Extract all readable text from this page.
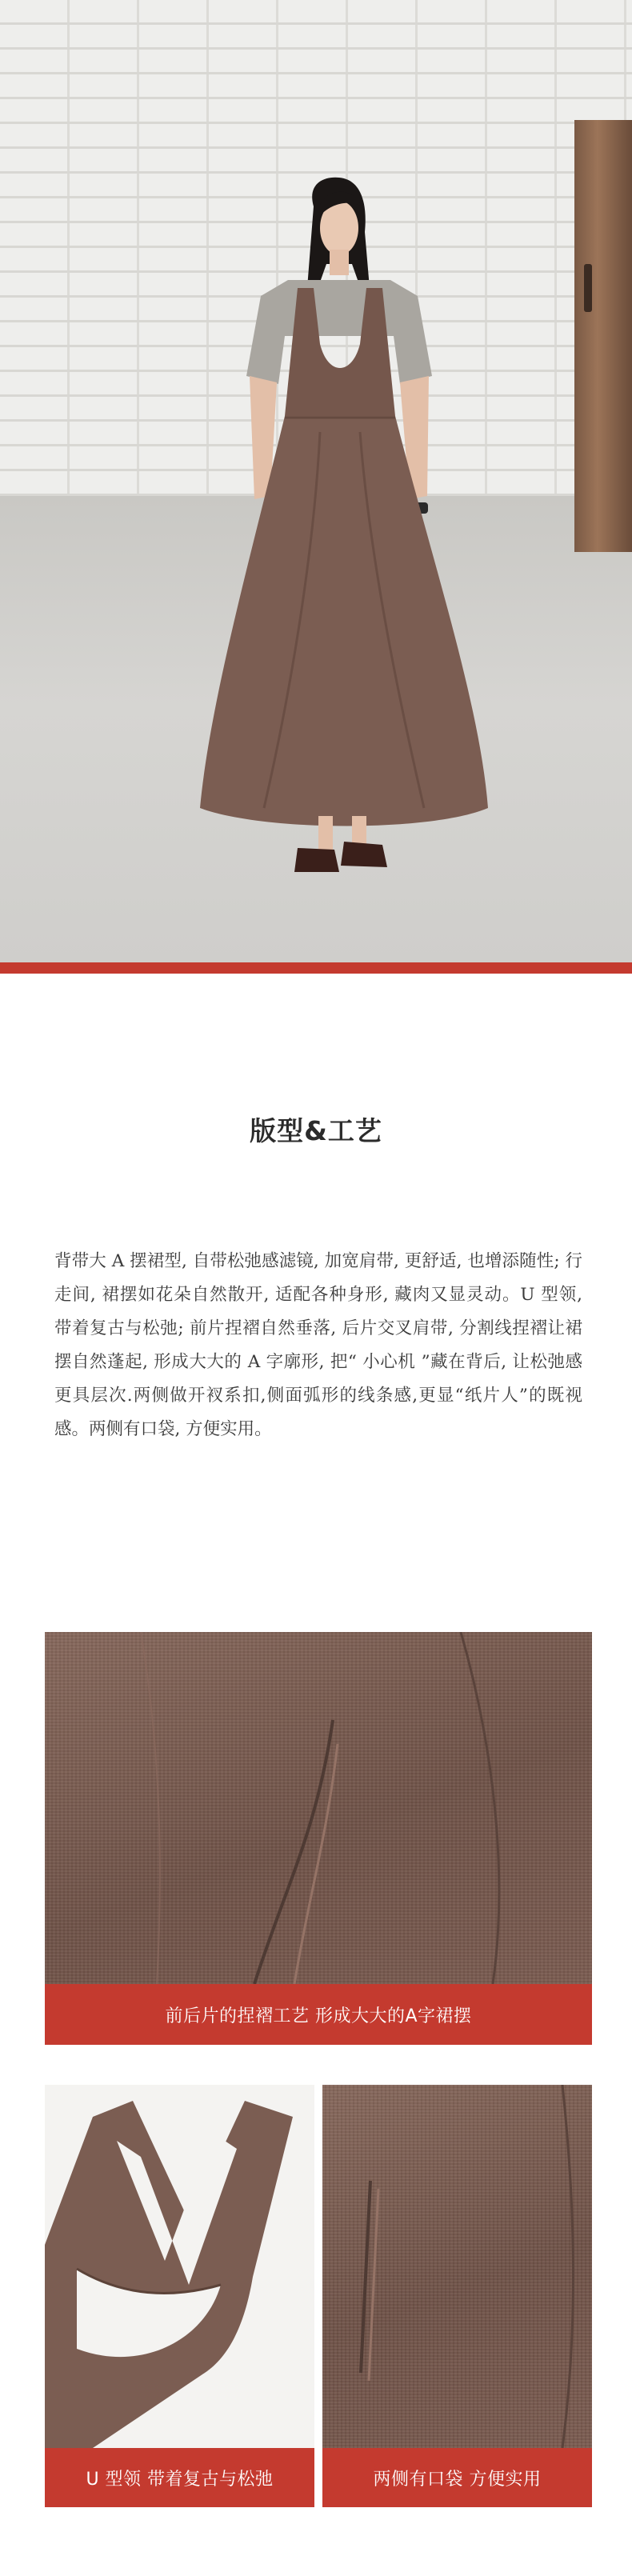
版型&工艺
背带大 A 摆裙型, 自带松弛感滤镜, 加宽肩带, 更舒适, 也增添随性; 行走间, 裙摆如花朵自然散开, 适配各种身形, 藏肉又显灵动。U 型领, 带着复古与松弛; 前片捏褶自然垂落, 后片交叉肩带, 分割线捏褶让裙摆自然蓬起, 形成大大的 A 字廓形, 把“ 小心机 ”藏在背后, 让松弛感更具层次.两侧做开衩系扣,侧面弧形的线条感,更显“纸片人”的既视感。两侧有口袋, 方便实用。
前后片的捏褶工艺 形成大大的A字裙摆
U 型领 带着复古与松弛	两侧有口袋 方便实用
